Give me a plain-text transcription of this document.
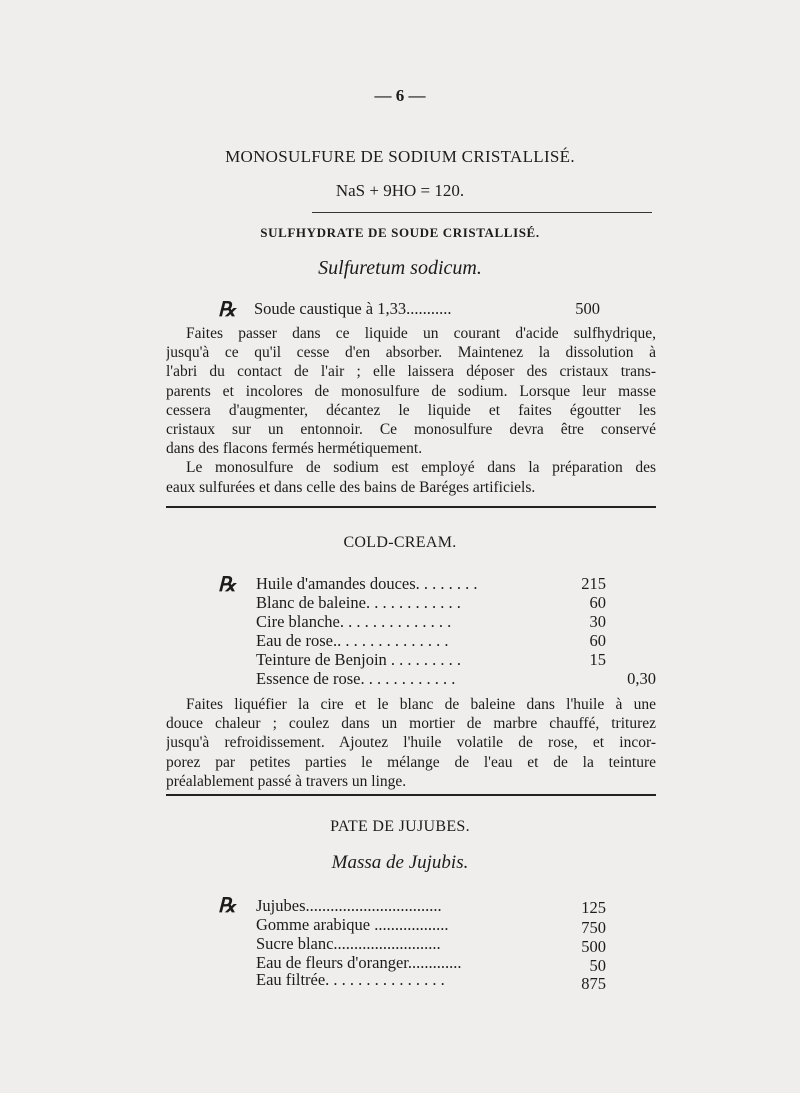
— 6 —
MONOSULFURE DE SODIUM CRISTALLISÉ.
NaS + 9HO = 120.
SULFHYDRATE DE SOUDE CRISTALLISÉ.
Sulfuretum sodicum.
℞ Soude caustique à 1,33...........	500
Faites passer dans ce liquide un courant d'acide sulfhydrique,
jusqu'à ce qu'il cesse d'en absorber. Maintenez la dissolution à
l'abri du contact de l'air ; elle laissera déposer des cristaux trans-
parents et incolores de monosulfure de sodium. Lorsque leur masse
cessera d'augmenter, décantez le liquide et faites égoutter les
cristaux sur un entonnoir. Ce monosulfure devra être conservé
dans des flacons fermés hermétiquement.
Le monosulfure de sodium est employé dans la préparation des
eaux sulfurées et dans celle des bains de Baréges artificiels.
COLD-CREAM.
℞ Huile d'amandes douces. . . . . . . .	215
Blanc de baleine. . . . . . . . . . . .	60
Cire blanche. . . . . . . . . . . . . .	30
Eau de rose.. . . . . . . . . . . . . .	60
Teinture de Benjoin . . . . . . . . .	15
Essence de rose. . . . . . . . . . . .	0,30
Faites liquéfier la cire et le blanc de baleine dans l'huile à une
douce chaleur ; coulez dans un mortier de marbre chauffé, triturez
jusqu'à refroidissement. Ajoutez l'huile volatile de rose, et incor-
porez par petites parties le mélange de l'eau et de la teinture
préalablement passé à travers un linge.
PATE DE JUJUBES.
Massa de Jujubis.
℞ Jujubes.................................	125
Gomme arabique ..................	750
Sucre blanc..........................	500
Eau de fleurs d'oranger.............	50
Eau filtrée. . . . . . . . . . . . . . .	875
